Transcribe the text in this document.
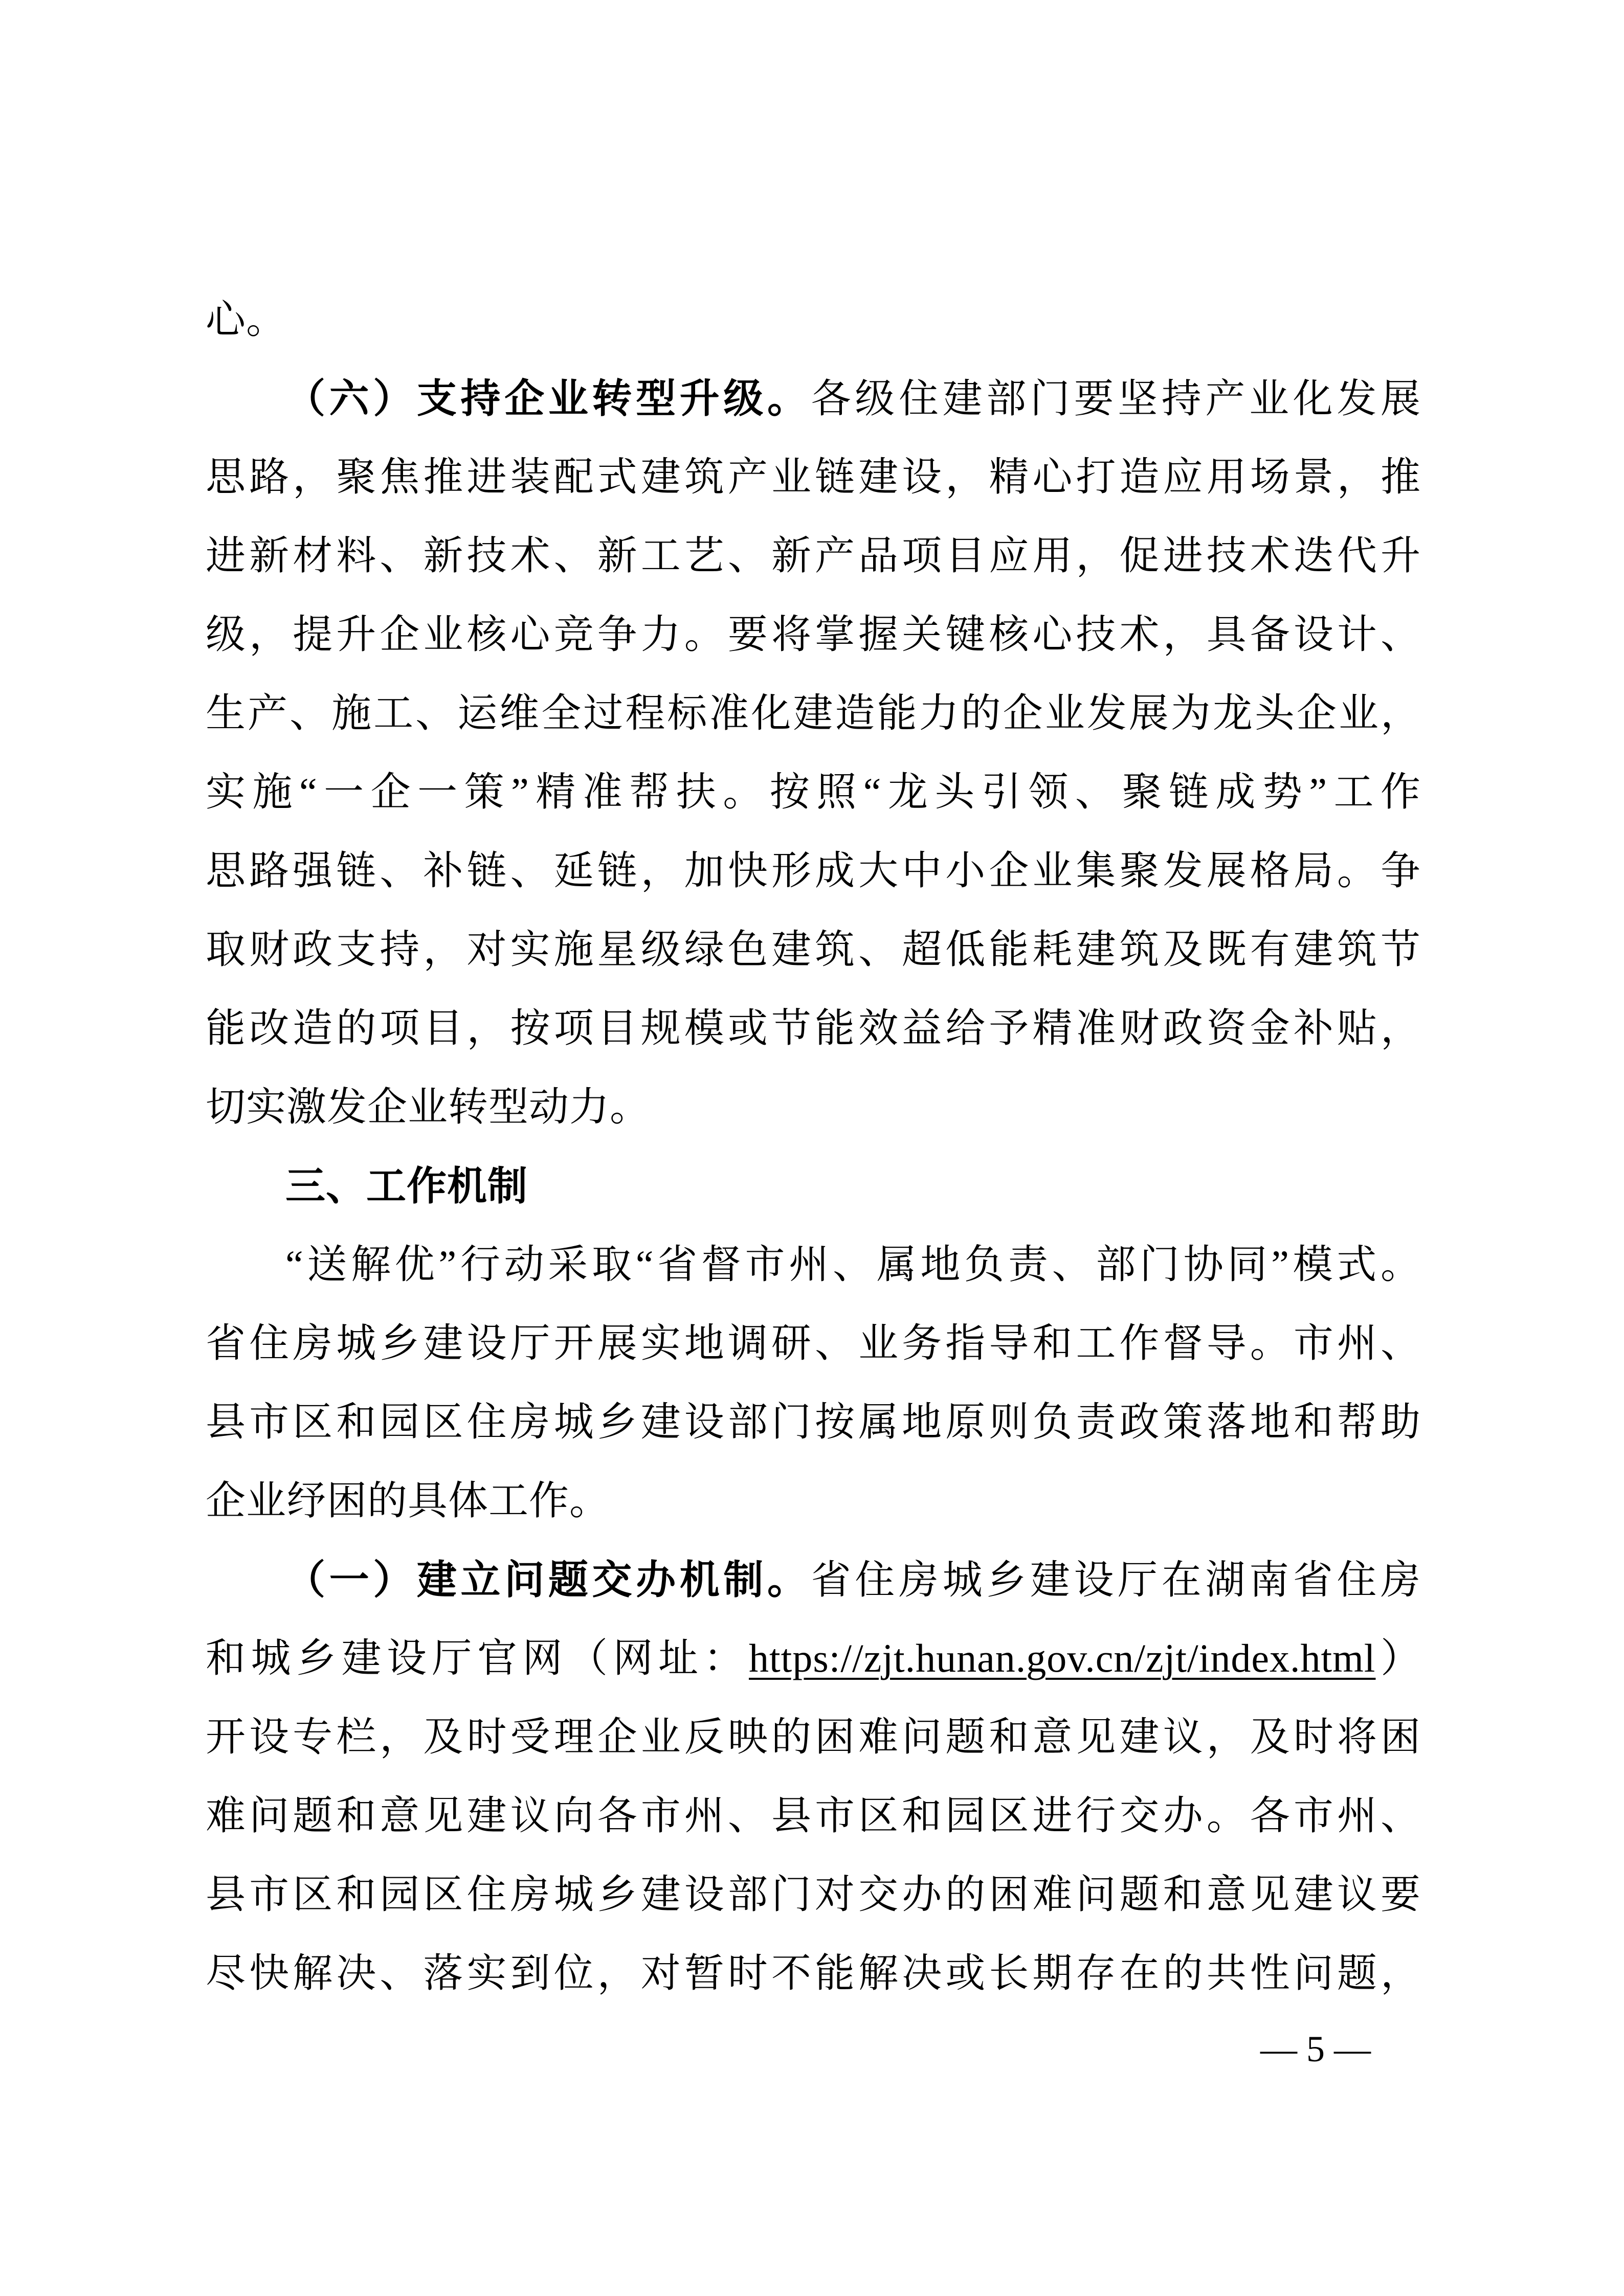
心。
（六）支持企业转型升级。各级住建部门要坚持产业化发展
思路，聚焦推进装配式建筑产业链建设，精心打造应用场景，推
进新材料、新技术、新工艺、新产品项目应用，促进技术迭代升
级，提升企业核心竞争力。要将掌握关键核心技术，具备设计、
生产、施工、运维全过程标准化建造能力的企业发展为龙头企业，
实施“一企一策”精准帮扶。按照“龙头引领、聚链成势”工作
思路强链、补链、延链，加快形成大中小企业集聚发展格局。争
取财政支持，对实施星级绿色建筑、超低能耗建筑及既有建筑节
能改造的项目，按项目规模或节能效益给予精准财政资金补贴，
切实激发企业转型动力。
三、工作机制
“送解优”行动采取“省督市州、属地负责、部门协同”模式。
省住房城乡建设厅开展实地调研、业务指导和工作督导。市州、
县市区和园区住房城乡建设部门按属地原则负责政策落地和帮助
企业纾困的具体工作。
（一）建立问题交办机制。省住房城乡建设厅在湖南省住房
和城乡建设厅官网（网址：https://zjt.hunan.gov.cn/zjt/index.html）
开设专栏，及时受理企业反映的困难问题和意见建议，及时将困
难问题和意见建议向各市州、县市区和园区进行交办。各市州、
县市区和园区住房城乡建设部门对交办的困难问题和意见建议要
尽快解决、落实到位，对暂时不能解决或长期存在的共性问题，
— 5 —
